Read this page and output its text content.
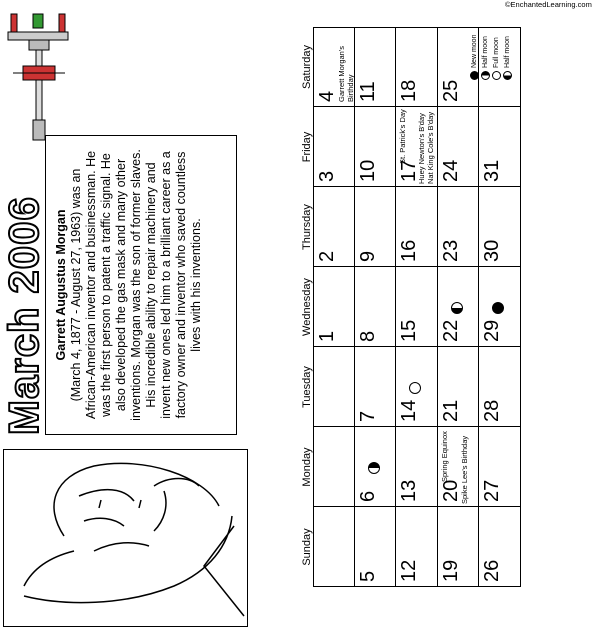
March 2006 Garrett Augustus Morgan
(March 4, 1877 - August 27, 1963) was an African-American inventor and businessman. He was the first person to patent a traffic signal. He also developed the gas mask and many other inventions. Morgan was the son of former slaves. His incredible ability to repair machinery and invent new ones led him to a brilliant career as a factory owner and inventor who saved countless lives with his inventions.
Sunday
Monday
Tuesday
Wednesday
Thursday
Friday
Saturday
1
2
3
4 Garrett Morgan's Birthday
5
6
7
8
9
10
11
12
13
14
15
16
17
St. Patrick's Day Huey Newton's B'day Nat King Cole's B'day
18
19
20
Spring Equinox Spike Lee's Birthday
21
22
23
24
25
26
27
28
29
30
31
New moon Half moon Full moon Half moon
©EnchantedLearning.com
